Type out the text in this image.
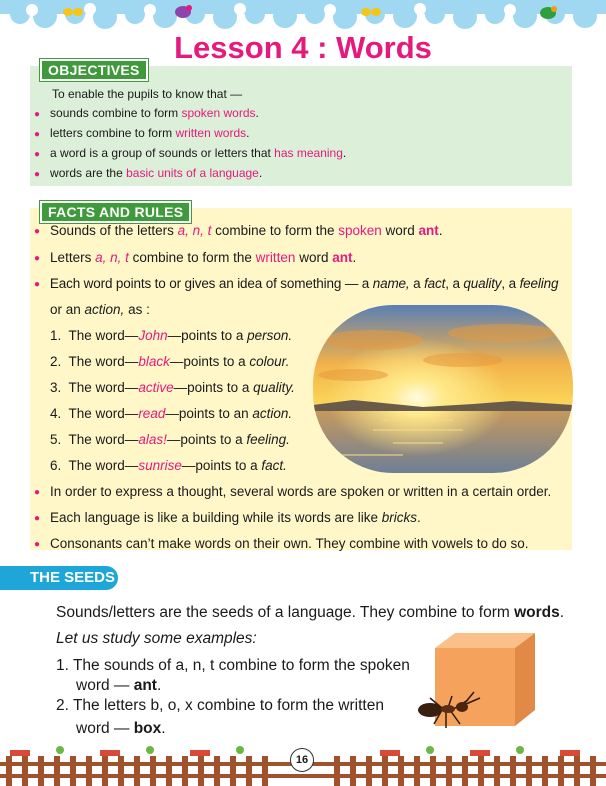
Lesson 4 : Words
OBJECTIVES
To enable the pupils to know that —
● sounds combine to form spoken words.
● letters combine to form written words.
● a word is a group of sounds or letters that has meaning.
● words are the basic units of a language.
FACTS AND RULES
● Sounds of the letters a, n, t combine to form the spoken word ant.
● Letters a, n, t combine to form the written word ant.
● Each word points to or gives an idea of something — a name, a fact, a quality, a feeling
or an action, as :
1. The word—John—points to a person.
2. The word—black—points to a colour.
3. The word—active—points to a quality.
4. The word—read—points to an action.
5. The word—alas!—points to a feeling.
6. The word—sunrise—points to a fact.
● In order to express a thought, several words are spoken or written in a certain order.
● Each language is like a building while its words are like bricks.
● Consonants can’t make words on their own. They combine with vowels to do so.
THE SEEDS
Sounds/letters are the seeds of a language. They combine to form words.
Let us study some examples:
1. The sounds of a, n, t combine to form the spoken
word — ant.
2. The letters b, o, x combine to form the written
word — box.
16
